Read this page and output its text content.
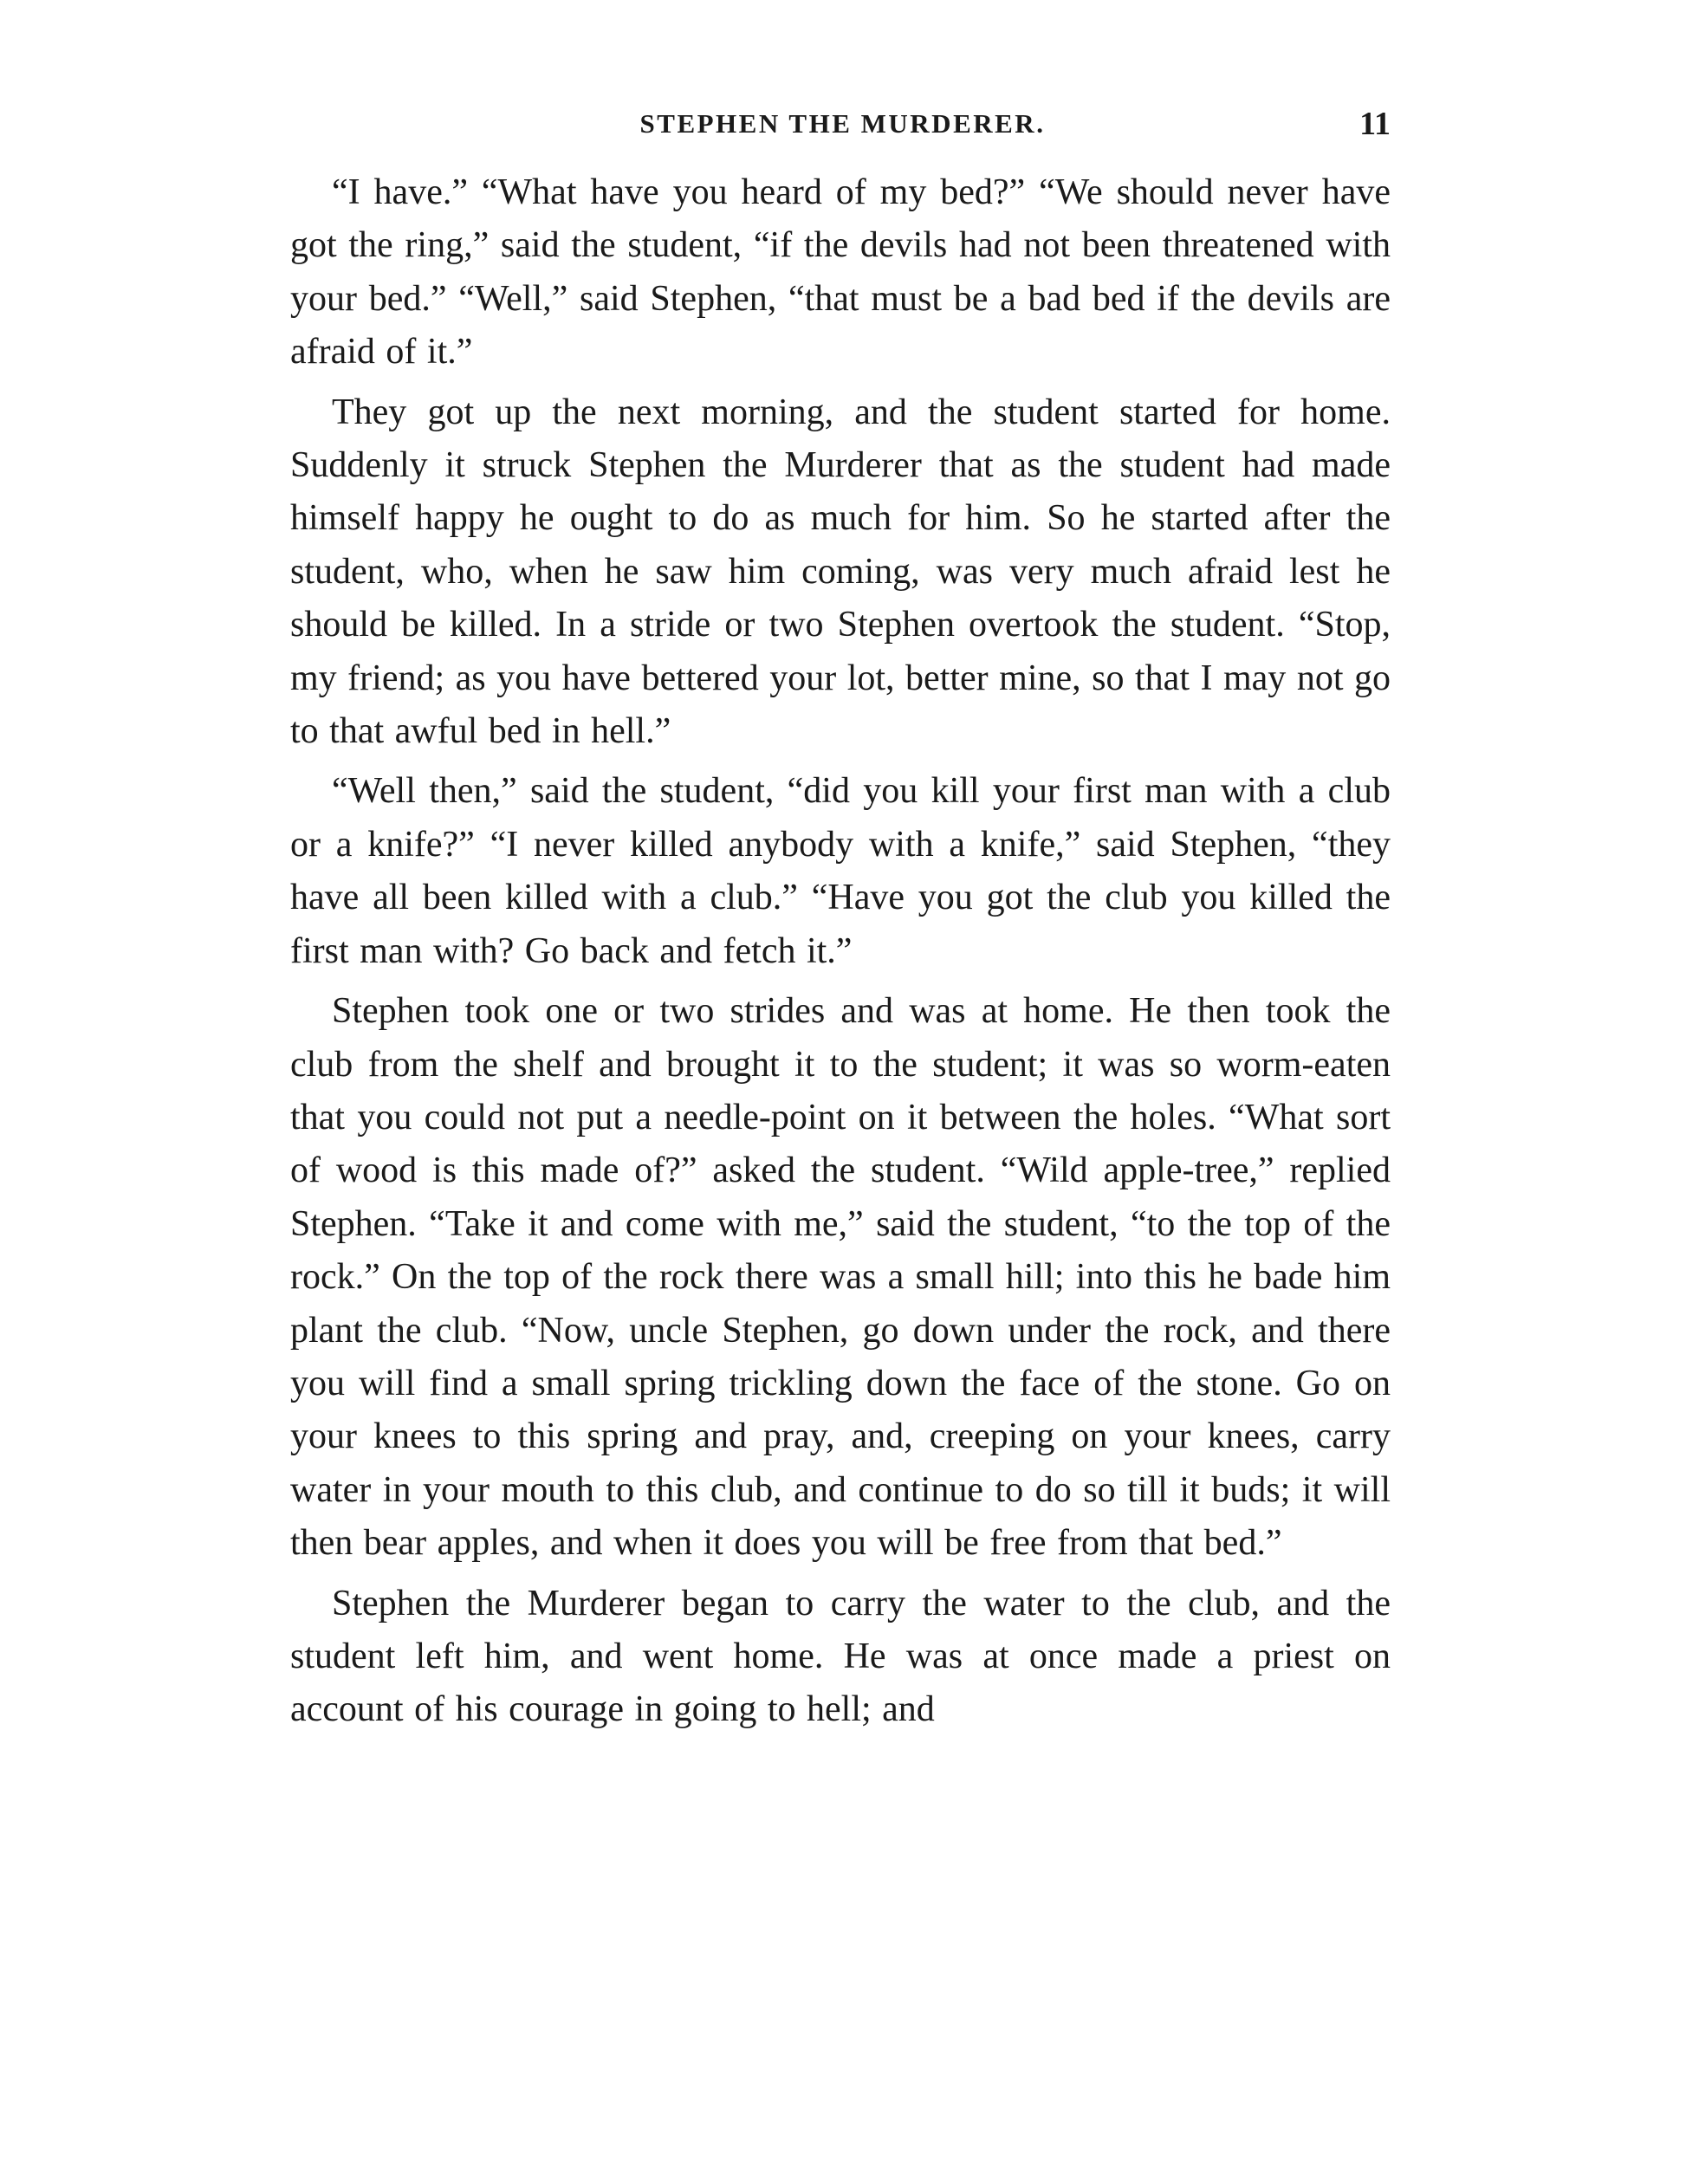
STEPHEN THE MURDERER.	11

“I have.” “What have you heard of my bed?” “We should never have got the ring,” said the student, “if the devils had not been threatened with your bed.” “Well,” said Stephen, “that must be a bad bed if the devils are afraid of it.”

They got up the next morning, and the student started for home. Suddenly it struck Stephen the Murderer that as the student had made himself happy he ought to do as much for him. So he started after the student, who, when he saw him coming, was very much afraid lest he should be killed. In a stride or two Stephen overtook the student. “Stop, my friend; as you have bettered your lot, better mine, so that I may not go to that awful bed in hell.”

“Well then,” said the student, “did you kill your first man with a club or a knife?” “I never killed anybody with a knife,” said Stephen, “they have all been killed with a club.” “Have you got the club you killed the first man with? Go back and fetch it.”

Stephen took one or two strides and was at home. He then took the club from the shelf and brought it to the student; it was so worm-eaten that you could not put a needle-point on it between the holes. “What sort of wood is this made of?” asked the student. “Wild apple-tree,” replied Stephen. “Take it and come with me,” said the student, “to the top of the rock.” On the top of the rock there was a small hill; into this he bade him plant the club. “Now, uncle Stephen, go down under the rock, and there you will find a small spring trickling down the face of the stone. Go on your knees to this spring and pray, and, creeping on your knees, carry water in your mouth to this club, and continue to do so till it buds; it will then bear apples, and when it does you will be free from that bed.”

Stephen the Murderer began to carry the water to the club, and the student left him, and went home. He was at once made a priest on account of his courage in going to hell; and
